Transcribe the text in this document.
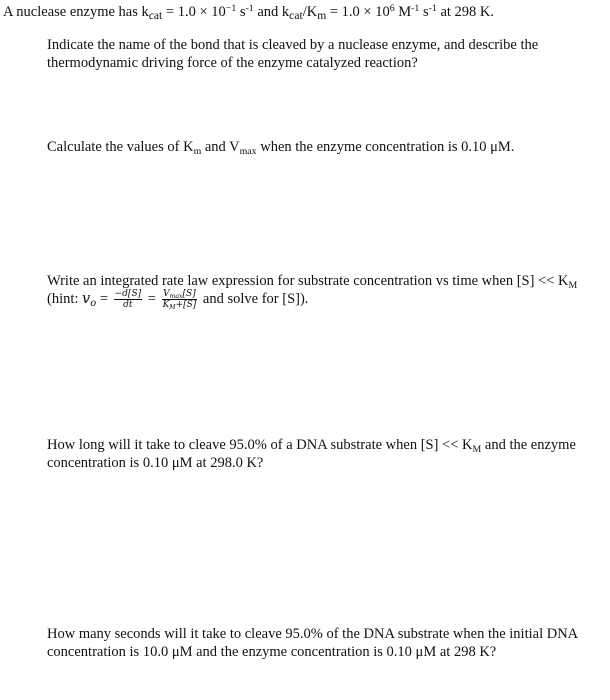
A nuclease enzyme has $k_{cat} = 1.0 \times 10^{-1}$ $s^{-1}$ and $k_{cat}/K_m = 1.0 \times 10^6$ $M^{-1}$ $s^{-1}$ at 298 K.
Indicate the name of the bond that is cleaved by a nuclease enzyme, and describe the thermodynamic driving force of the enzyme catalyzed reaction?
Calculate the values of $K_m$ and $V_{max}$ when the enzyme concentration is 0.10 μM.
Write an integrated rate law expression for substrate concentration vs time when $[S] << K_M$
(hint: $v_o = \frac{-d[S]}{dt} = \frac{V_{max}[S]}{K_M+[S]}$ and solve for [S]).
How long will it take to cleave 95.0% of a DNA substrate when $[S] << K_M$ and the enzyme
concentration is 0.10 μM at 298.0 K?
How many seconds will it take to cleave 95.0% of the DNA substrate when the initial DNA
concentration is 10.0 μM and the enzyme concentration is 0.10 μM at 298 K?
